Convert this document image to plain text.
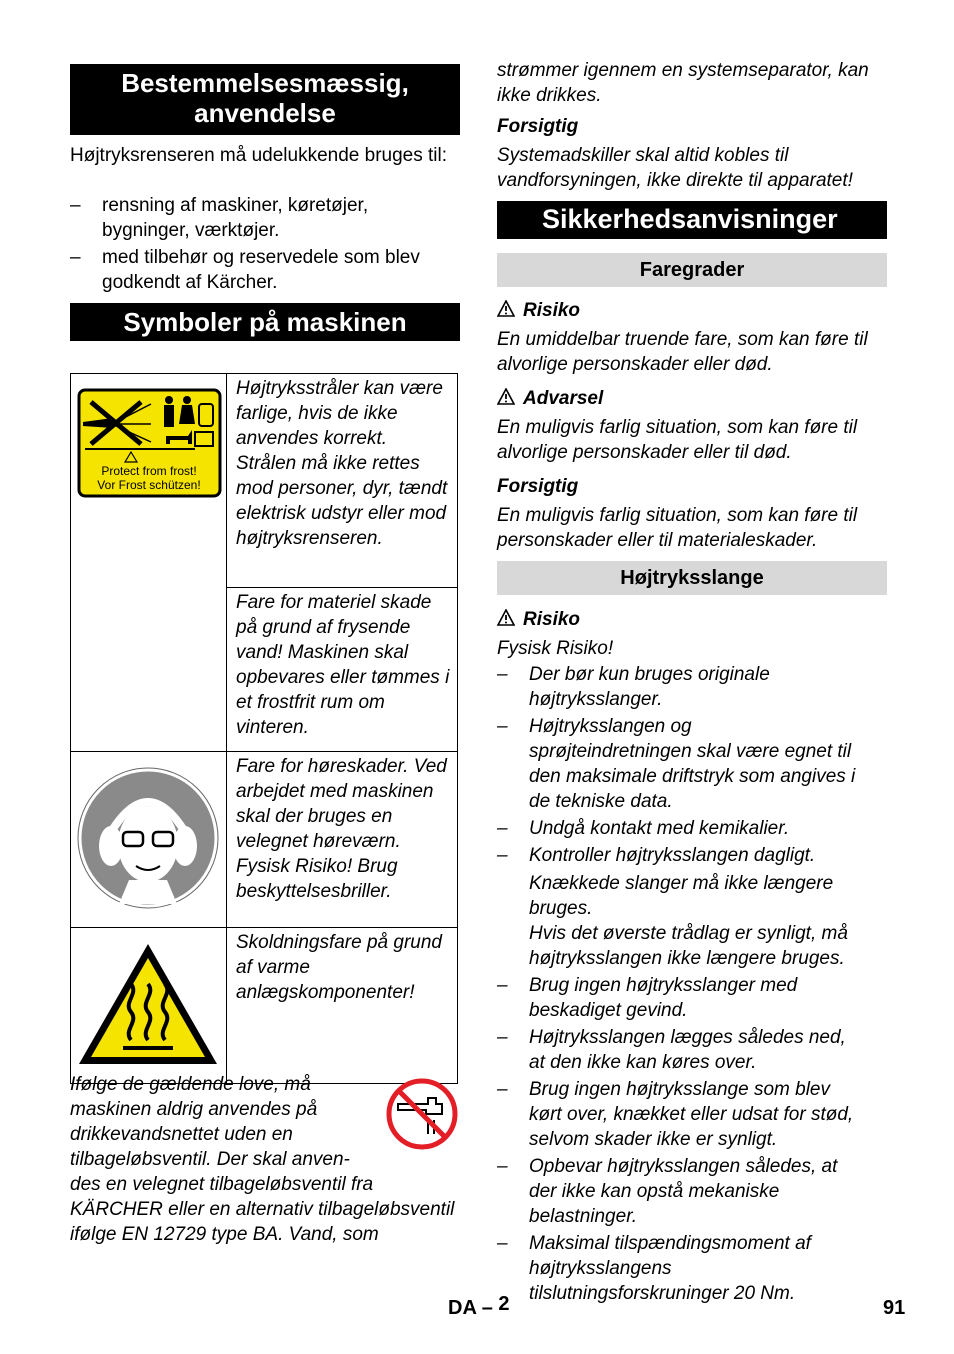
Bestemmelsesmæssig,
anvendelse

Højtryksrenseren må udelukkende bruges til:

– rensning af maskiner, køretøjer, bygninger, værktøjer.
– med tilbehør og reservedele som blev godkendt af Kärcher.
Symboler på maskinen
Protect from frost!
Vor Frost schützen!	Højtryksstråler kan være farlige, hvis de ikke anvendes korrekt. Strålen må ikke rettes mod personer, dyr, tændt elektrisk udstyr eller mod højtryksrenseren.
	Fare for materiel skade på grund af frysende vand! Maskinen skal opbevares eller tømmes i et frostfrit rum om vinteren.
	Fare for høreskader. Ved arbejdet med maskinen skal der bruges en velegnet høreværn. Fysisk Risiko! Brug beskyttelsesbriller.
	Skoldningsfare på grund af varme anlægskomponenter!
Ifølge de gældende love, må maskinen aldrig anvendes på drikkevandsnettet uden en tilbageløbsventil. Der skal anven-
des en velegnet tilbageløbsventil fra KÄRCHER eller en alternativ tilbageløbsventil ifølge EN 12729 type BA. Vand, som

strømmer igennem en systemseparator, kan ikke drikkes.

Forsigtig

Systemadskiller skal altid kobles til vandforsyningen, ikke direkte til apparatet!

Sikkerhedsanvisninger
Faregrader

Risiko

En umiddelbar truende fare, som kan føre til alvorlige personskader eller død.

Advarsel

En muligvis farlig situation, som kan føre til alvorlige personskader eller til død.

Forsigtig

En muligvis farlig situation, som kan føre til personskader eller til materialeskader.

Højtryksslange

Risiko

Fysisk Risiko!

– Der bør kun bruges originale højtryksslanger.
– Højtryksslangen og sprøjteindretningen skal være egnet til den maksimale driftstryk som angives i de tekniske data.
– Undgå kontakt med kemikalier.
– Kontroller højtryksslangen dagligt.
Knækkede slanger må ikke længere bruges.
Hvis det øverste trådlag er synligt, må højtryksslangen ikke længere bruges.
– Brug ingen højtryksslanger med beskadiget gevind.
– Højtryksslangen lægges således ned, at den ikke kan køres over.
– Brug ingen højtryksslange som blev kørt over, knækket eller udsat for stød, selvom skader ikke er synligt.
– Opbevar højtryksslangen således, at der ikke kan opstå mekaniske belastninger.
– Maksimal tilspændingsmoment af højtryksslangens tilslutningsforskruninger 20 Nm.
DA – 2	91
